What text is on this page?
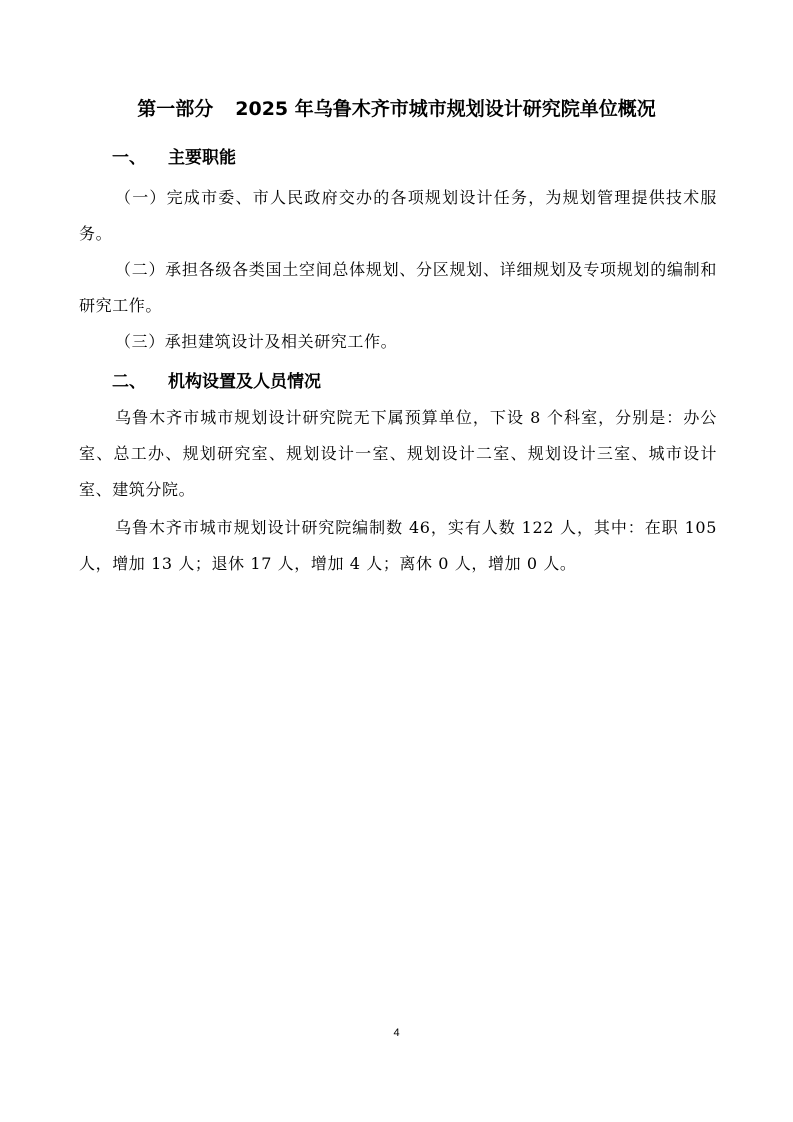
第一部分 2025 年乌鲁木齐市城市规划设计研究院单位概况
一、 主要职能

（一）完成市委、市人民政府交办的各项规划设计任务，为规划管理提供技术服务。

（二）承担各级各类国土空间总体规划、分区规划、详细规划及专项规划的编制和研究工作。

（三）承担建筑设计及相关研究工作。

二、 机构设置及人员情况

乌鲁木齐市城市规划设计研究院无下属预算单位，下设 8 个科室，分别是：办公室、总工办、规划研究室、规划设计一室、规划设计二室、规划设计三室、城市设计室、建筑分院。

乌鲁木齐市城市规划设计研究院编制数 46，实有人数 122 人，其中：在职 105 人，增加 13 人；退休 17 人，增加 4 人；离休 0 人，增加 0 人。

4
